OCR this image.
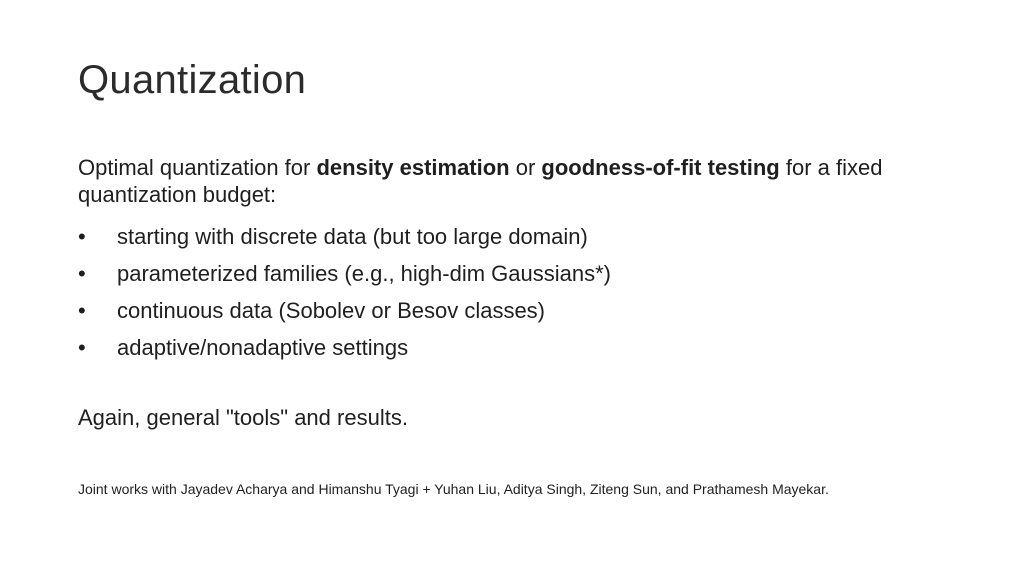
Quantization

Optimal quantization for density estimation or goodness-of-fit testing for a fixed quantization budget:

•	starting with discrete data (but too large domain)
•	parameterized families (e.g., high-dim Gaussians*)
•	continuous data (Sobolev or Besov classes)
•	adaptive/nonadaptive settings

Again, general "tools" and results.

Joint works with Jayadev Acharya and Himanshu Tyagi + Yuhan Liu, Aditya Singh, Ziteng Sun, and Prathamesh Mayekar.
